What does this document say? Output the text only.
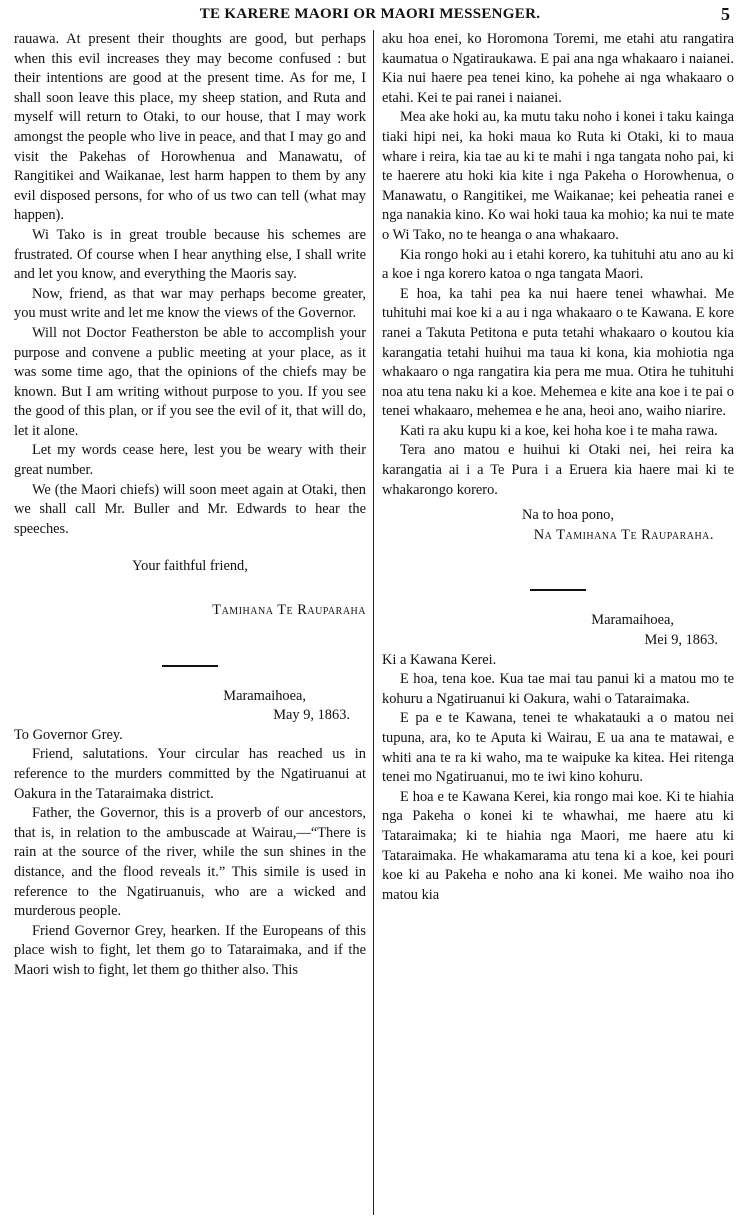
TE KARERE MAORI OR MAORI MESSENGER.	5

rauawa. At present their thoughts are good, but perhaps when this evil increases they may become confused : but their intentions are good at the present time. As for me, I shall soon leave this place, my sheep station, and Ruta and myself will return to Otaki, to our house, that I may work amongst the people who live in peace, and that I may go and visit the Pakehas of Horowhenua and Manawatu, of Rangitikei and Waikanae, lest harm happen to them by any evil disposed persons, for who of us two can tell (what may happen).

Wi Tako is in great trouble because his schemes are frustrated. Of course when I hear anything else, I shall write and let you know, and everything the Maoris say.

Now, friend, as that war may perhaps become greater, you must write and let me know the views of the Governor.

Will not Doctor Featherston be able to accomplish your purpose and convene a public meeting at your place, as it was some time ago, that the opinions of the chiefs may be known. But I am writing without purpose to you. If you see the good of this plan, or if you see the evil of it, that will do, let it alone.

Let my words cease here, lest you be weary with their great number.

We (the Maori chiefs) will soon meet again at Otaki, then we shall call Mr. Buller and Mr. Edwards to hear the speeches.

Your faithful friend,

Tamihana Te Rauparaha

Maramaihoea,

May 9, 1863.

To Governor Grey.

Friend, salutations. Your circular has reached us in reference to the murders committed by the Ngatiruanui at Oakura in the Tataraimaka district.

Father, the Governor, this is a proverb of our ancestors, that is, in relation to the ambuscade at Wairau,—“There is rain at the source of the river, while the sun shines in the distance, and the flood reveals it.” This simile is used in reference to the Ngatiruanuis, who are a wicked and murderous people.

Friend Governor Grey, hearken. If the Europeans of this place wish to fight, let them go to Tataraimaka, and if the Maori wish to fight, let them go thither also. This

aku hoa enei, ko Horomona Toremi, me etahi atu rangatira kaumatua o Ngatiraukawa. E pai ana nga whakaaro i naianei. Kia nui haere pea tenei kino, ka pohehe ai nga whakaaro o etahi. Kei te pai ranei i naianei.

Mea ake hoki au, ka mutu taku noho i konei i taku kainga tiaki hipi nei, ka hoki maua ko Ruta ki Otaki, ki to maua whare i reira, kia tae au ki te mahi i nga tangata noho pai, ki te haerere atu hoki kia kite i nga Pakeha o Horowhenua, o Manawatu, o Rangitikei, me Waikanae; kei peheatia ranei e nga nanakia kino. Ko wai hoki taua ka mohio; ka nui te mate o Wi Tako, no te heanga o ana whakaaro.

Kia rongo hoki au i etahi korero, ka tuhituhi atu ano au ki a koe i nga korero katoa o nga tangata Maori.

E hoa, ka tahi pea ka nui haere tenei whawhai. Me tuhituhi mai koe ki a au i nga whakaaro o te Kawana. E kore ranei a Takuta Petitona e puta tetahi whakaaro o koutou kia karangatia tetahi huihui ma taua ki kona, kia mohiotia nga whakaaro o nga rangatira kia pera me mua. Otira he tuhituhi noa atu tena naku ki a koe. Mehemea e kite ana koe i te pai o tenei whakaaro, mehemea e he ana, heoi ano, waiho niarire.

Kati ra aku kupu ki a koe, kei hoha koe i te maha rawa.

Tera ano matou e huihui ki Otaki nei, hei reira ka karangatia ai i a Te Pura i a Eruera kia haere mai ki te whakarongo korero.

Na to hoa pono,

Na Tamihana Te Rauparaha.

Maramaihoea,

Mei 9, 1863.

Ki a Kawana Kerei.

E hoa, tena koe. Kua tae mai tau panui ki a matou mo te kohuru a Ngatiruanui ki Oakura, wahi o Tataraimaka.

E pa e te Kawana, tenei te whakatauki a o matou nei tupuna, ara, ko te Aputa ki Wairau, E ua ana te matawai, e whiti ana te ra ki waho, ma te waipuke ka kitea. Hei ritenga tenei mo Ngatiruanui, mo te iwi kino kohuru.

E hoa e te Kawana Kerei, kia rongo mai koe. Ki te hiahia nga Pakeha o konei ki te whawhai, me haere atu ki Tataraimaka; ki te hiahia nga Maori, me haere atu ki Tataraimaka. He whakamarama atu tena ki a koe, kei pouri koe ki au Pakeha e noho ana ki konei. Me waiho noa iho matou kia
